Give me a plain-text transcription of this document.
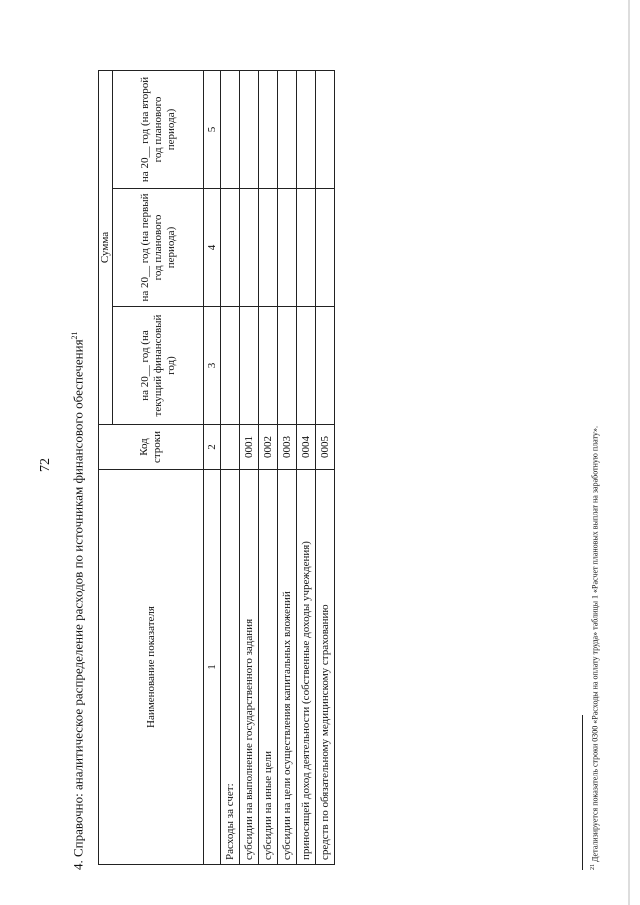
72 4. Справочно: аналитическое распределение расходов по источникам финансового обеспечения$^{21}$
Наименование показателя	Код строки	Сумма		
		на 20__ год (на текущий финансовый год)	на 20__ год (на первый год планового периода)	на 20__ год (на второй год планового периода)
1	2	3	4	5
Расходы за счет:				
субсидии на выполнение государственного задания	0001			
субсидии на иные цели	0002			
субсидии на цели осуществления капитальных вложений	0003			
приносящей доход деятельности (собственные доходы учреждения)	0004			
средств по обязательному медицинскому страхованию	0005			
$^{21}$ Детализируется показатель строки 0300 «Расходы на оплату труда» таблицы 1 «Расчет плановых выплат на заработную плату».
